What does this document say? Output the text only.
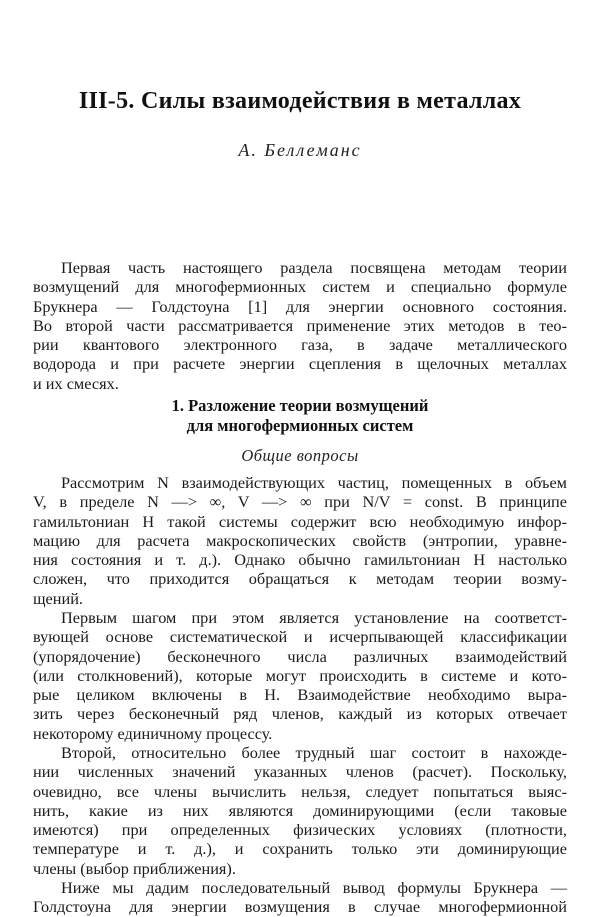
III-5. Силы взаимодействия в металлах
А. Беллеманс
Первая часть настоящего раздела посвящена методам теории
возмущений для многофермионных систем и специально формуле
Брукнера — Голдстоуна [1] для энергии основного состояния.
Во второй части рассматривается применение этих методов в тео-
рии квантового электронного газа, в задаче металлического
водорода и при расчете энергии сцепления в щелочных металлах
и их смесях.
1. Разложение теории возмущений
для многофермионных систем
Общие вопросы
Рассмотрим N взаимодействующих частиц, помещенных в объем
V, в пределе N —> ∞, V —> ∞ при N/V = const. В принципе
гамильтониан H такой системы содержит всю необходимую инфор-
мацию для расчета макроскопических свойств (энтропии, уравне-
ния состояния и т. д.). Однако обычно гамильтониан H настолько
сложен, что приходится обращаться к методам теории возму-
щений.
Первым шагом при этом является установление на соответст-
вующей основе систематической и исчерпывающей классификации
(упорядочение) бесконечного числа различных взаимодействий
(или столкновений), которые могут происходить в системе и кото-
рые целиком включены в H. Взаимодействие необходимо выра-
зить через бесконечный ряд членов, каждый из которых отвечает
некоторому единичному процессу.
Второй, относительно более трудный шаг состоит в нахожде-
нии численных значений указанных членов (расчет). Поскольку,
очевидно, все члены вычислить нельзя, следует попытаться выяс-
нить, какие из них являются доминирующими (если таковые
имеются) при определенных физических условиях (плотности,
температуре и т. д.), и сохранить только эти доминирующие
члены (выбор приближения).
Ниже мы дадим последовательный вывод формулы Брукнера —
Голдстоуна для энергии возмущения в случае многофермионной
